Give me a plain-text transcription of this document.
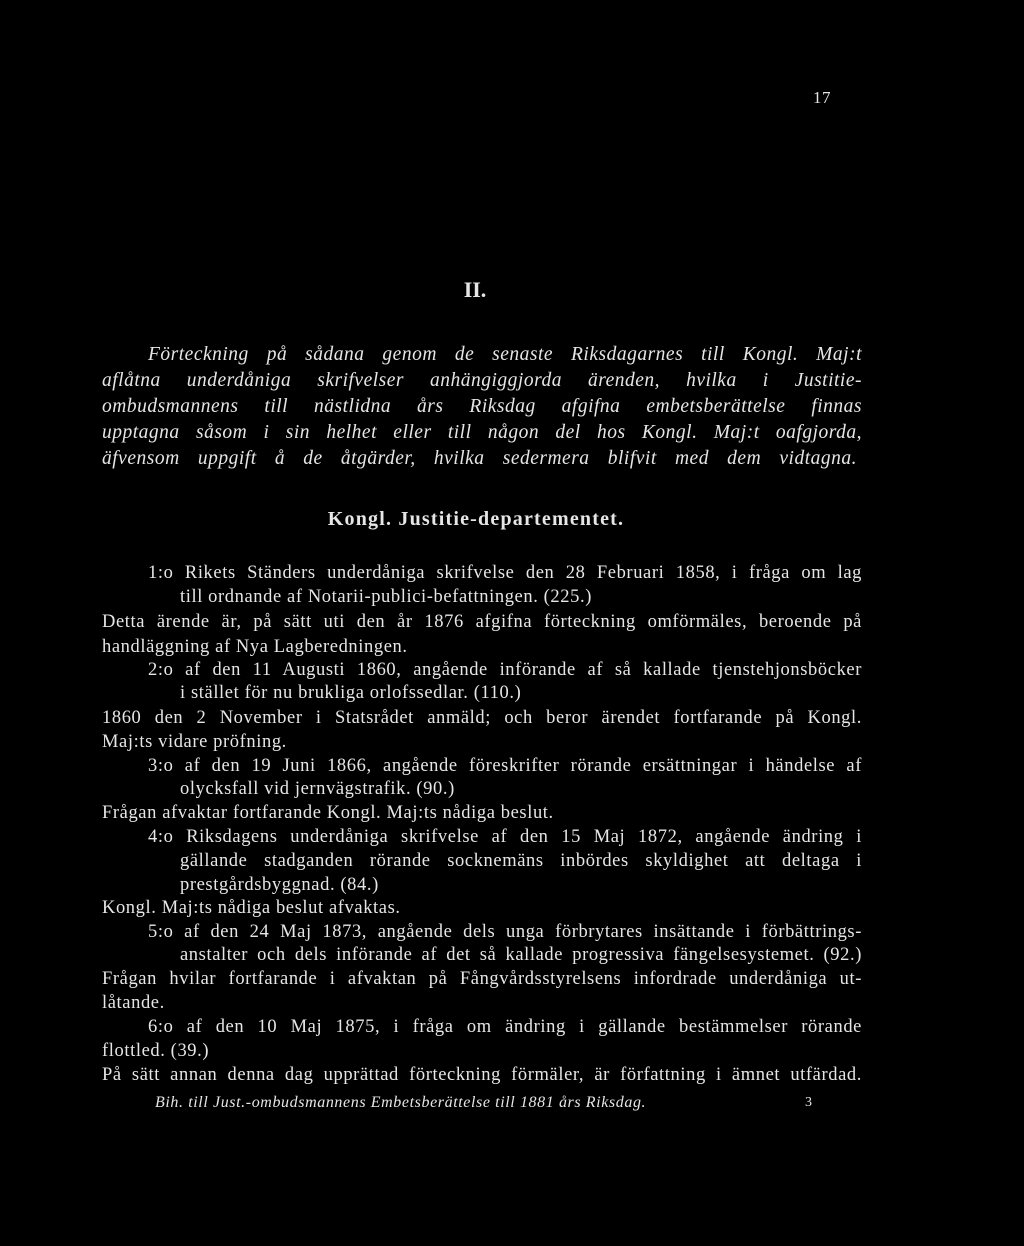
17
II.
Förteckning på sådana genom de senaste Riksdagarnes till Kongl. Maj:t
aflåtna underdåniga skrifvelser anhängiggjorda ärenden, hvilka i Justitie-
ombudsmannens till nästlidna års Riksdag afgifna embetsberättelse finnas
upptagna såsom i sin helhet eller till någon del hos Kongl. Maj:t oafgjorda,
äfvensom uppgift å de åtgärder, hvilka sedermera blifvit med dem vidtagna.
Kongl. Justitie-departementet.
1:o Rikets Ständers underdåniga skrifvelse den 28 Februari 1858, i fråga om lag
till ordnande af Notarii-publici-befattningen. (225.)
Detta ärende är, på sätt uti den år 1876 afgifna förteckning omförmäles, beroende på
handläggning af Nya Lagberedningen.
2:o af den 11 Augusti 1860, angående införande af så kallade tjenstehjonsböcker
i stället för nu brukliga orlofssedlar. (110.)
1860 den 2 November i Statsrådet anmäld; och beror ärendet fortfarande på Kongl.
Maj:ts vidare pröfning.
3:o af den 19 Juni 1866, angående föreskrifter rörande ersättningar i händelse af
olycksfall vid jernvägstrafik. (90.)
Frågan afvaktar fortfarande Kongl. Maj:ts nådiga beslut.
4:o Riksdagens underdåniga skrifvelse af den 15 Maj 1872, angående ändring i
gällande stadganden rörande socknemäns inbördes skyldighet att deltaga i
prestgårdsbyggnad. (84.)
Kongl. Maj:ts nådiga beslut afvaktas.
5:o af den 24 Maj 1873, angående dels unga förbrytares insättande i förbättrings-
anstalter och dels införande af det så kallade progressiva fängelsesystemet. (92.)
Frågan hvilar fortfarande i afvaktan på Fångvårdsstyrelsens infordrade underdåniga ut-
låtande.
6:o af den 10 Maj 1875, i fråga om ändring i gällande bestämmelser rörande
flottled. (39.)
På sätt annan denna dag upprättad förteckning förmäler, är författning i ämnet utfärdad.
Bih. till Just.-ombudsmannens Embetsberättelse till 1881 års Riksdag.	3
